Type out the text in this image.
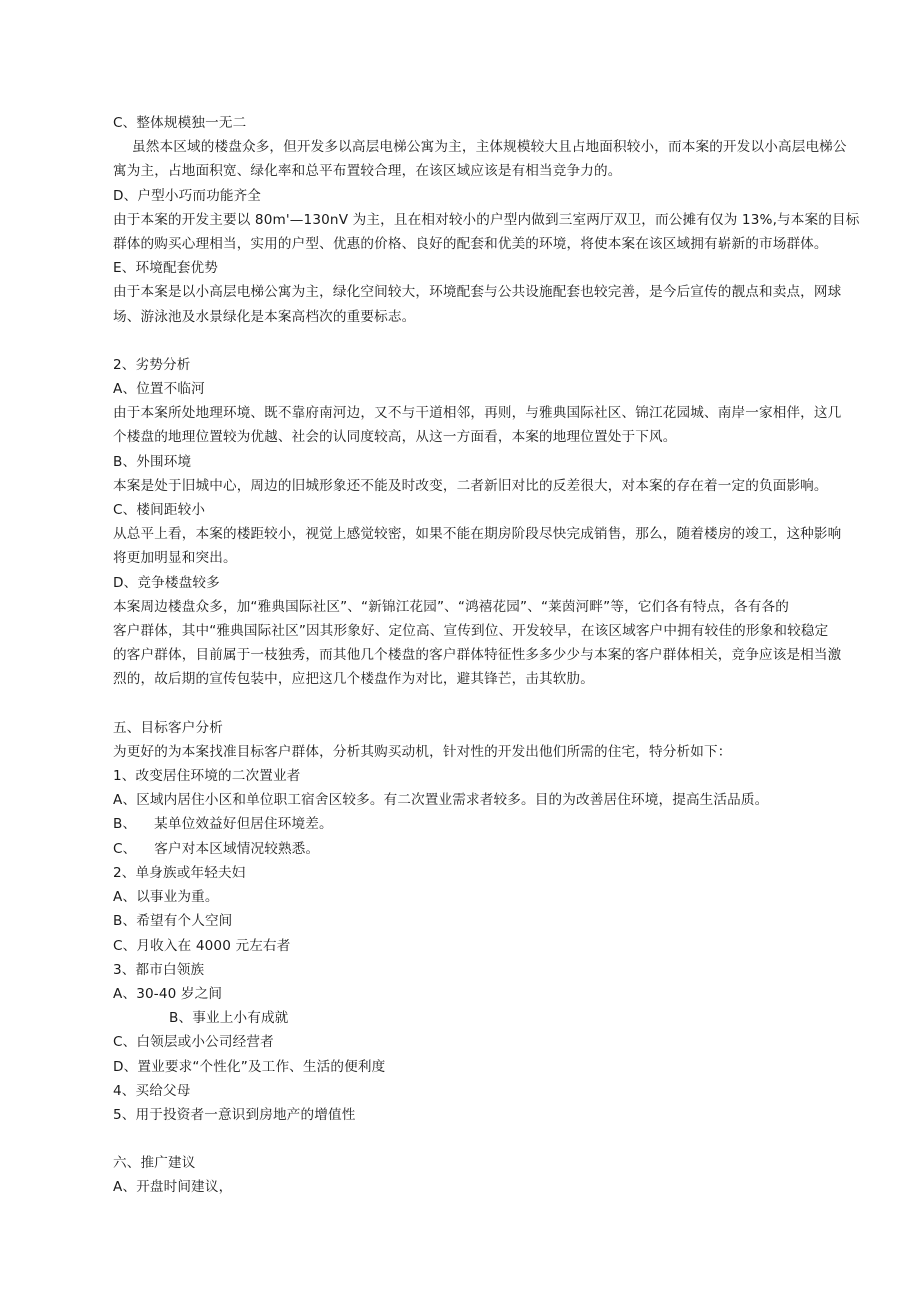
C、整体规模独一无二
虽然本区域的楼盘众多，但开发多以高层电梯公寓为主，主体规模较大且占地面积较小，而本案的开发以小高层电梯公
寓为主，占地面积宽、绿化率和总平布置较合理，在该区域应该是有相当竞争力的。
D、户型小巧而功能齐全
由于本案的开发主要以 80m'—130nV 为主，且在相对较小的户型内做到三室两厅双卫，而公摊有仅为 13%,与本案的目标
群体的购买心理相当，实用的户型、优惠的价格、良好的配套和优美的环境，将使本案在该区域拥有崭新的市场群体。
E、环境配套优势
由于本案是以小高层电梯公寓为主，绿化空间较大，环境配套与公共设施配套也较完善，是今后宣传的靓点和卖点，网球
场、游泳池及水景绿化是本案高档次的重要标志。
2、劣势分析
A、位置不临河
由于本案所处地理环境、既不靠府南河边，又不与干道相邻，再则，与雅典国际社区、锦江花园城、南岸一家相伴，这几
个楼盘的地理位置较为优越、社会的认同度较高，从这一方面看，本案的地理位置处于下风。
B、外围环境
本案是处于旧城中心，周边的旧城形象还不能及时改变，二者新旧对比的反差很大，对本案的存在着一定的负面影响。
C、楼间距较小
从总平上看，本案的楼距较小，视觉上感觉较密，如果不能在期房阶段尽快完成销售，那么，随着楼房的竣工，这种影响
将更加明显和突出。
D、竞争楼盘较多
本案周边楼盘众多，加“雅典国际社区”、“新锦江花园”、“鸿禧花园”、“莱茵河畔”等，它们各有特点，各有各的
客户群体，其中“雅典国际社区”因其形象好、定位高、宣传到位、开发较早，在该区域客户中拥有较佳的形象和较稳定
的客户群体，目前属于一枝独秀，而其他几个楼盘的客户群体特征性多多少少与本案的客户群体相关，竞争应该是相当激
烈的，故后期的宣传包装中，应把这几个楼盘作为对比，避其锋芒，击其软肋。
五、目标客户分析
为更好的为本案找准目标客户群体，分析其购买动机，针对性的开发出他们所需的住宅，特分析如下：
1、改变居住环境的二次置业者
A、区域内居住小区和单位职工宿舍区较多。有二次置业需求者较多。目的为改善居住环境，提高生活品质。
B、    某单位效益好但居住环境差。
C、    客户对本区域情况较熟悉。
2、单身族或年轻夫妇
A、以事业为重。
B、希望有个人空间
C、月收入在 4000 元左右者
3、都市白领族
A、30-40 岁之间
B、事业上小有成就
C、白领层或小公司经营者
D、置业要求“个性化”及工作、生活的便利度
4、买给父母
5、用于投资者一意识到房地产的增值性
六、推广建议
A、开盘时间建议，
